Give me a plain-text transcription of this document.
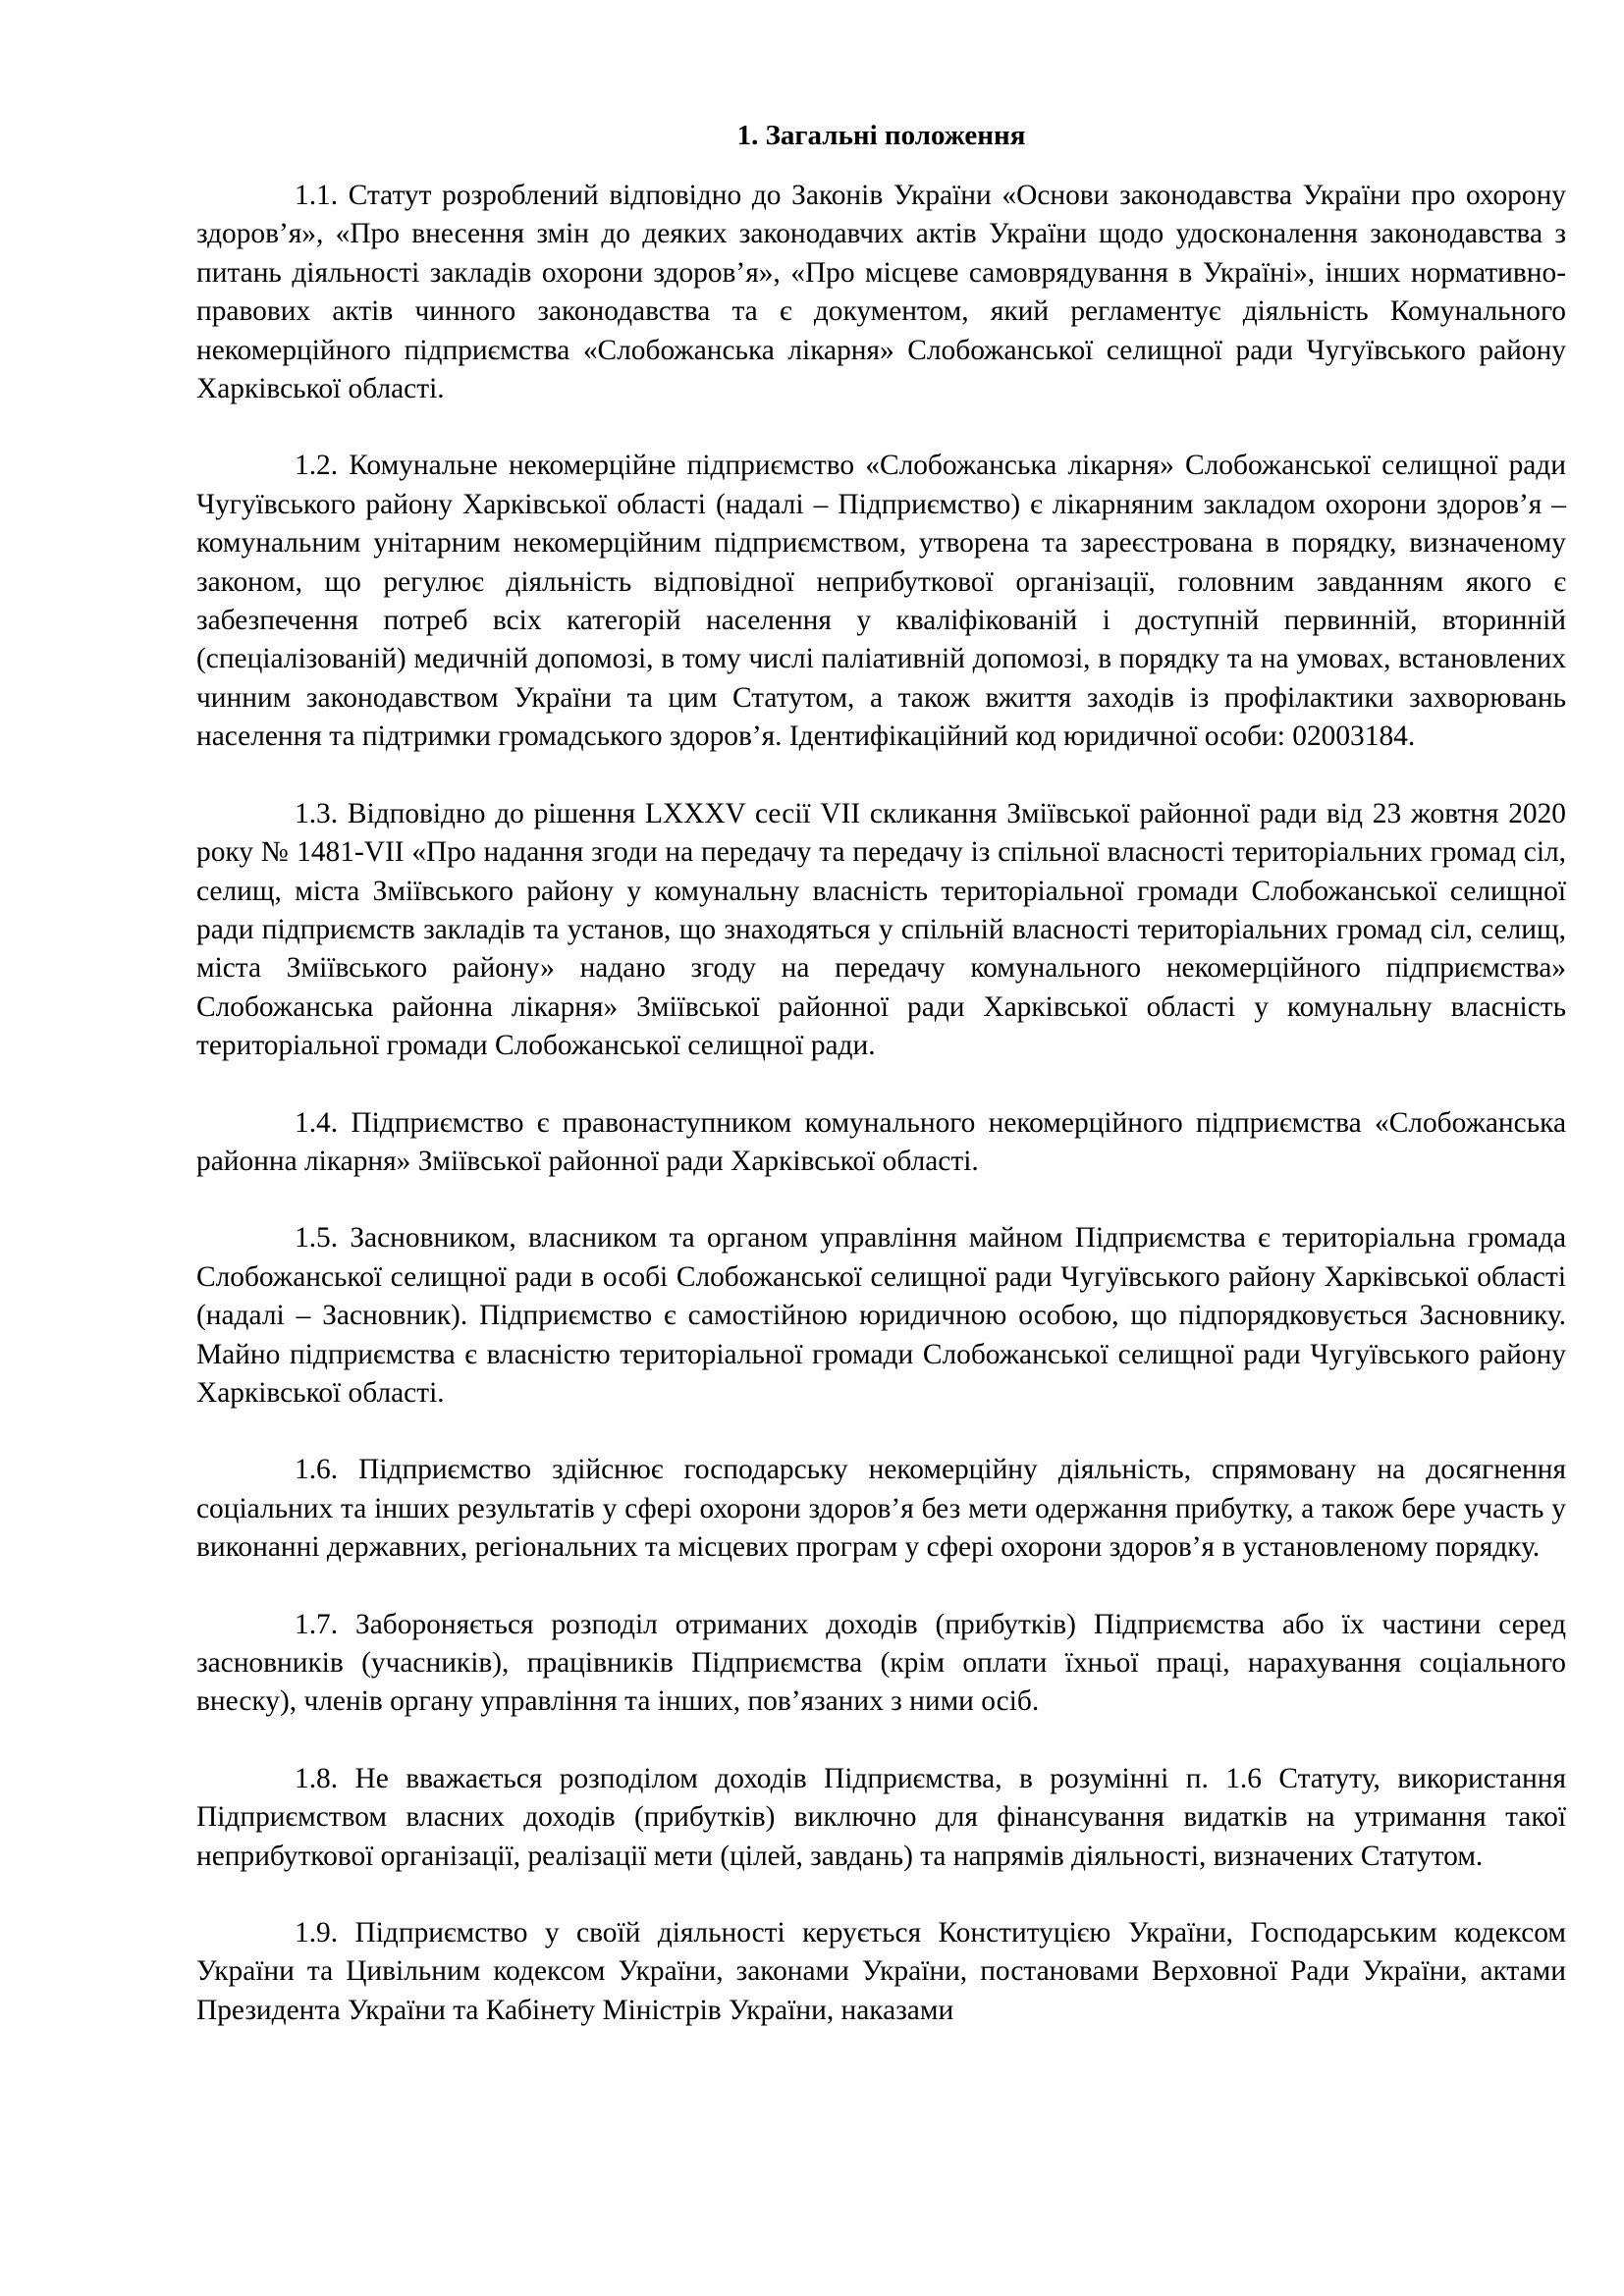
1. Загальні положення

1.1. Статут розроблений відповідно до Законів України «Основи законодавства України про охорону здоров’я», «Про внесення змін до деяких законодавчих актів України щодо удосконалення законодавства з питань діяльності закладів охорони здоров’я», «Про місцеве самоврядування в Україні», інших нормативно-правових актів чинного законодавства та є документом, який регламентує діяльність Комунального некомерційного підприємства «Слобожанська лікарня» Слобожанської селищної ради Чугуївського району Харківської області.

1.2. Комунальне некомерційне підприємство «Слобожанська лікарня» Слобожанської селищної ради Чугуївського району Харківської області (надалі – Підприємство) є лікарняним закладом охорони здоров’я – комунальним унітарним некомерційним підприємством, утворена та зареєстрована в порядку, визначеному законом, що регулює діяльність відповідної неприбуткової організації, головним завданням якого є забезпечення потреб всіх категорій населення у кваліфікованій і доступній первинній, вторинній (спеціалізованій) медичній допомозі, в тому числі паліативній допомозі, в порядку та на умовах, встановлених чинним законодавством України та цим Статутом, а також вжиття заходів із профілактики захворювань населення та підтримки громадського здоров’я. Ідентифікаційний код юридичної особи: 02003184.

1.3. Відповідно до рішення LXXXV сесії VII скликання Зміївської районної ради від 23 жовтня 2020 року № 1481-VII «Про надання згоди на передачу та передачу із спільної власності територіальних громад сіл, селищ, міста Зміївського району у комунальну власність територіальної громади Слобожанської селищної ради підприємств закладів та установ, що знаходяться у спільній власності територіальних громад сіл, селищ, міста Зміївського району» надано згоду на передачу комунального некомерційного підприємства» Слобожанська районна лікарня» Зміївської районної ради Харківської області у комунальну власність територіальної громади Слобожанської селищної ради.

1.4. Підприємство є правонаступником комунального некомерційного підприємства «Слобожанська районна лікарня» Зміївської районної ради Харківської області.

1.5. Засновником, власником та органом управління майном Підприємства є територіальна громада Слобожанської селищної ради в особі Слобожанської селищної ради Чугуївського району Харківської області (надалі – Засновник). Підприємство є самостійною юридичною особою, що підпорядковується Засновнику. Майно підприємства є власністю територіальної громади Слобожанської селищної ради Чугуївського району Харківської області.

1.6. Підприємство здійснює господарську некомерційну діяльність, спрямовану на досягнення соціальних та інших результатів у сфері охорони здоров’я без мети одержання прибутку, а також бере участь у виконанні державних, регіональних та місцевих програм у сфері охорони здоров’я в установленому порядку.

1.7. Забороняється розподіл отриманих доходів (прибутків) Підприємства або їх частини серед засновників (учасників), працівників Підприємства (крім оплати їхньої праці, нарахування соціального внеску), членів органу управління та інших, пов’язаних з ними осіб.

1.8. Не вважається розподілом доходів Підприємства, в розумінні п. 1.6 Статуту, використання Підприємством власних доходів (прибутків) виключно для фінансування видатків на утримання такої неприбуткової організації, реалізації мети (цілей, завдань) та напрямів діяльності, визначених Статутом.

1.9. Підприємство у своїй діяльності керується Конституцією України, Господарським кодексом України та Цивільним кодексом України, законами України, постановами Верховної Ради України, актами Президента України та Кабінету Міністрів України, наказами
